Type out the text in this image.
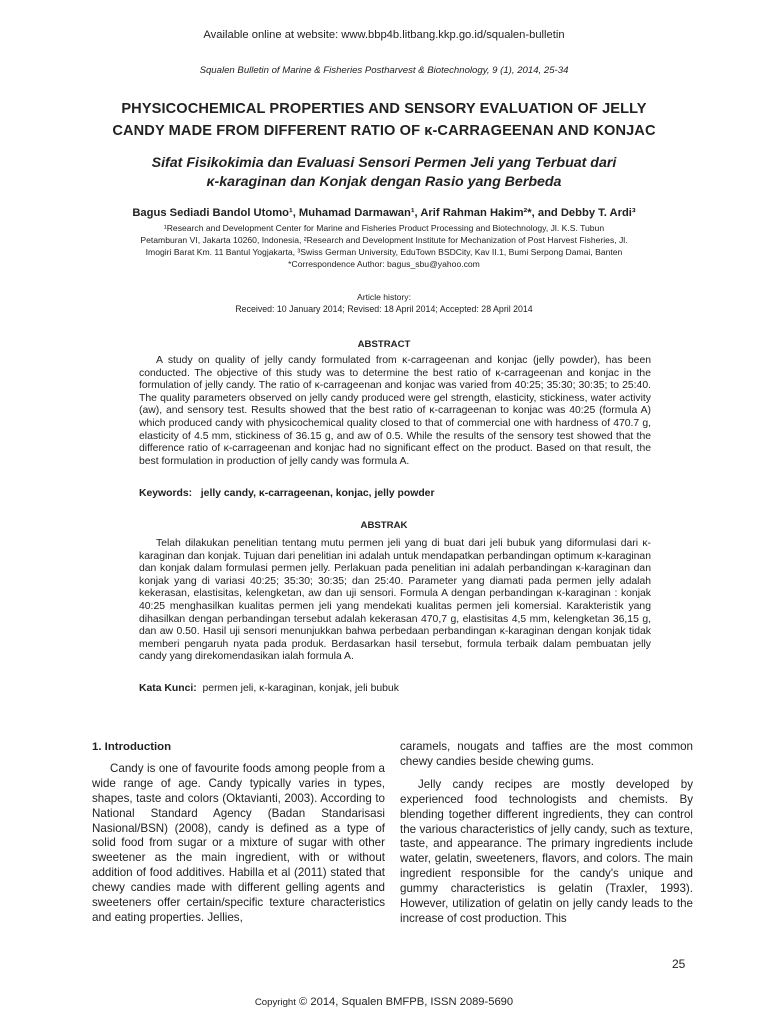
Available online at website: www.bbp4b.litbang.kkp.go.id/squalen-bulletin
Squalen Bulletin of Marine & Fisheries Postharvest & Biotechnology, 9 (1), 2014, 25-34
PHYSICOCHEMICAL PROPERTIES AND SENSORY EVALUATION OF JELLY
CANDY MADE FROM DIFFERENT RATIO OF κ-CARRAGEENAN AND KONJAC
Sifat Fisikokimia dan Evaluasi Sensori Permen Jeli yang Terbuat dari
κ-karaginan dan Konjak dengan Rasio yang Berbeda
Bagus Sediadi Bandol Utomo¹, Muhamad Darmawan¹, Arif Rahman Hakim²*, and Debby T. Ardi³
¹Research and Development Center for Marine and Fisheries Product Processing and Biotechnology, Jl. K.S. Tubun
Petamburan VI, Jakarta 10260, Indonesia, ²Research and Development Institute for Mechanization of Post Harvest Fisheries, Jl.
Imogiri Barat Km. 11 Bantul Yogjakarta, ³Swiss German University, EduTown BSDCity, Kav II.1, Bumi Serpong Damai, Banten
*Correspondence Author: bagus_sbu@yahoo.com
Article history:
Received: 10 January 2014; Revised: 18 April 2014; Accepted: 28 April 2014
ABSTRACT

A study on quality of jelly candy formulated from κ-carrageenan and konjac (jelly powder), has been conducted. The objective of this study was to determine the best ratio of κ-carrageenan and konjac in the formulation of jelly candy. The ratio of κ-carrageenan and konjac was varied from 40:25; 35:30; 30:35; to 25:40. The quality parameters observed on jelly candy produced were gel strength, elasticity, stickiness, water activity (aw), and sensory test. Results showed that the best ratio of κ-carrageenan to konjac was 40:25 (formula A) which produced candy with physicochemical quality closed to that of commercial one with hardness of 470.7 g, elasticity of 4.5 mm, stickiness of 36.15 g, and aw of 0.5. While the results of the sensory test showed that the difference ratio of κ-carrageenan and konjac had no significant effect on the product. Based on that result, the best formulation in production of jelly candy was formula A.

Keywords: jelly candy, κ-carrageenan, konjac, jelly powder
ABSTRAK

Telah dilakukan penelitian tentang mutu permen jeli yang di buat dari jeli bubuk yang diformulasi dari κ-karaginan dan konjak. Tujuan dari penelitian ini adalah untuk mendapatkan perbandingan optimum κ-karaginan dan konjak dalam formulasi permen jelly. Perlakuan pada penelitian ini adalah perbandingan κ-karaginan dan konjak yang di variasi 40:25; 35:30; 30:35; dan 25:40. Parameter yang diamati pada permen jelly adalah kekerasan, elastisitas, kelengketan, aw dan uji sensori. Formula A dengan perbandingan κ-karaginan : konjak 40:25 menghasilkan kualitas permen jeli yang mendekati kualitas permen jeli komersial. Karakteristik yang dihasilkan dengan perbandingan tersebut adalah kekerasan 470,7 g, elastisitas 4,5 mm, kelengketan 36,15 g, dan aw 0.50. Hasil uji sensori menunjukkan bahwa perbedaan perbandingan κ-karaginan dengan konjak tidak memberi pengaruh nyata pada produk. Berdasarkan hasil tersebut, formula terbaik dalam pembuatan jelly candy yang direkomendasikan ialah formula A.

Kata Kunci: permen jeli, κ-karaginan, konjak, jeli bubuk
1. Introduction

Candy is one of favourite foods among people from a wide range of age. Candy typically varies in types, shapes, taste and colors (Oktavianti, 2003). According to National Standard Agency (Badan Standarisasi Nasional/BSN) (2008), candy is defined as a type of solid food from sugar or a mixture of sugar with other sweetener as the main ingredient, with or without addition of food additives. Habilla et al (2011) stated that chewy candies made with different gelling agents and sweeteners offer certain/specific texture characteristics and eating properties. Jellies,

caramels, nougats and taffies are the most common chewy candies beside chewing gums.

Jelly candy recipes are mostly developed by experienced food technologists and chemists. By blending together different ingredients, they can control the various characteristics of jelly candy, such as texture, taste, and appearance. The primary ingredients include water, gelatin, sweeteners, flavors, and colors. The main ingredient responsible for the candy's unique and gummy characteristics is gelatin (Traxler, 1993). However, utilization of gelatin on jelly candy leads to the increase of cost production. This

25
Copyright © 2014, Squalen BMFPB, ISSN 2089-5690
